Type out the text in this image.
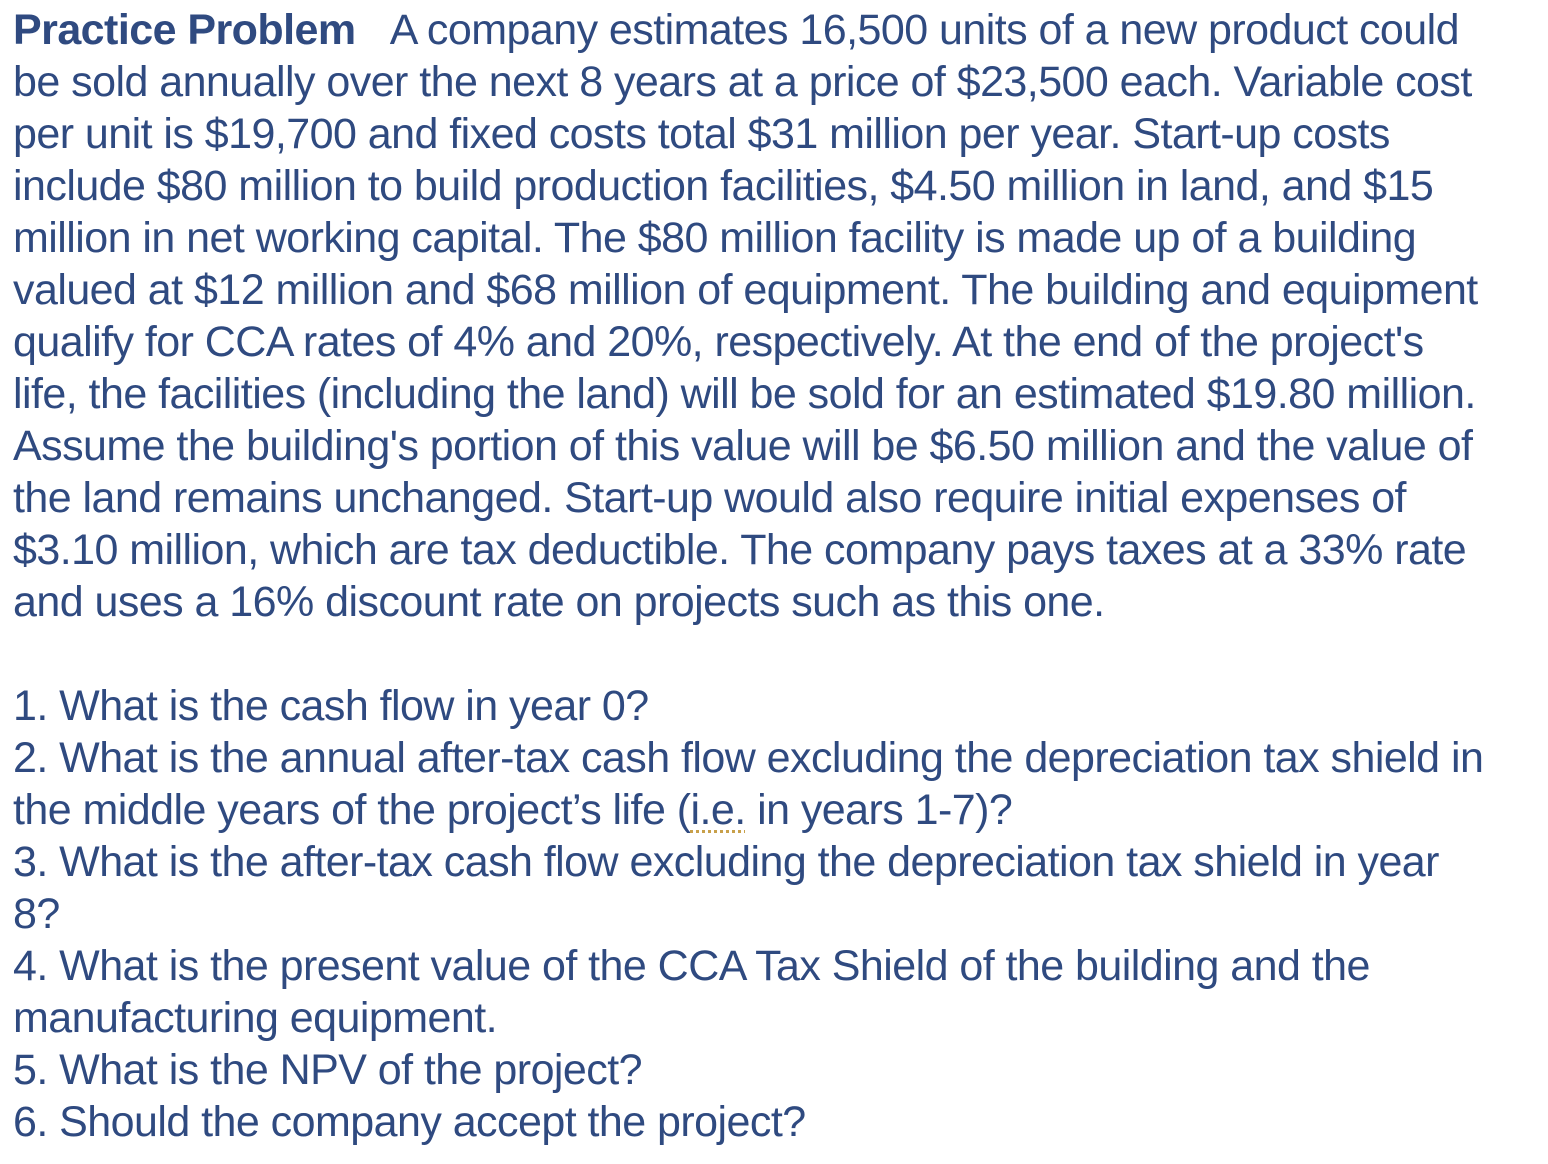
Practice Problem A company estimates 16,500 units of a new product could
be sold annually over the next 8 years at a price of $23,500 each. Variable cost
per unit is $19,700 and fixed costs total $31 million per year. Start-up costs
include $80 million to build production facilities, $4.50 million in land, and $15
million in net working capital. The $80 million facility is made up of a building
valued at $12 million and $68 million of equipment. The building and equipment
qualify for CCA rates of 4% and 20%, respectively. At the end of the project's
life, the facilities (including the land) will be sold for an estimated $19.80 million.
Assume the building's portion of this value will be $6.50 million and the value of
the land remains unchanged. Start-up would also require initial expenses of
$3.10 million, which are tax deductible. The company pays taxes at a 33% rate
and uses a 16% discount rate on projects such as this one.
1. What is the cash flow in year 0?
2. What is the annual after-tax cash flow excluding the depreciation tax shield in
the middle years of the project’s life (i.e. in years 1-7)?
3. What is the after-tax cash flow excluding the depreciation tax shield in year
8?
4. What is the present value of the CCA Tax Shield of the building and the
manufacturing equipment.
5. What is the NPV of the project?
6. Should the company accept the project?
